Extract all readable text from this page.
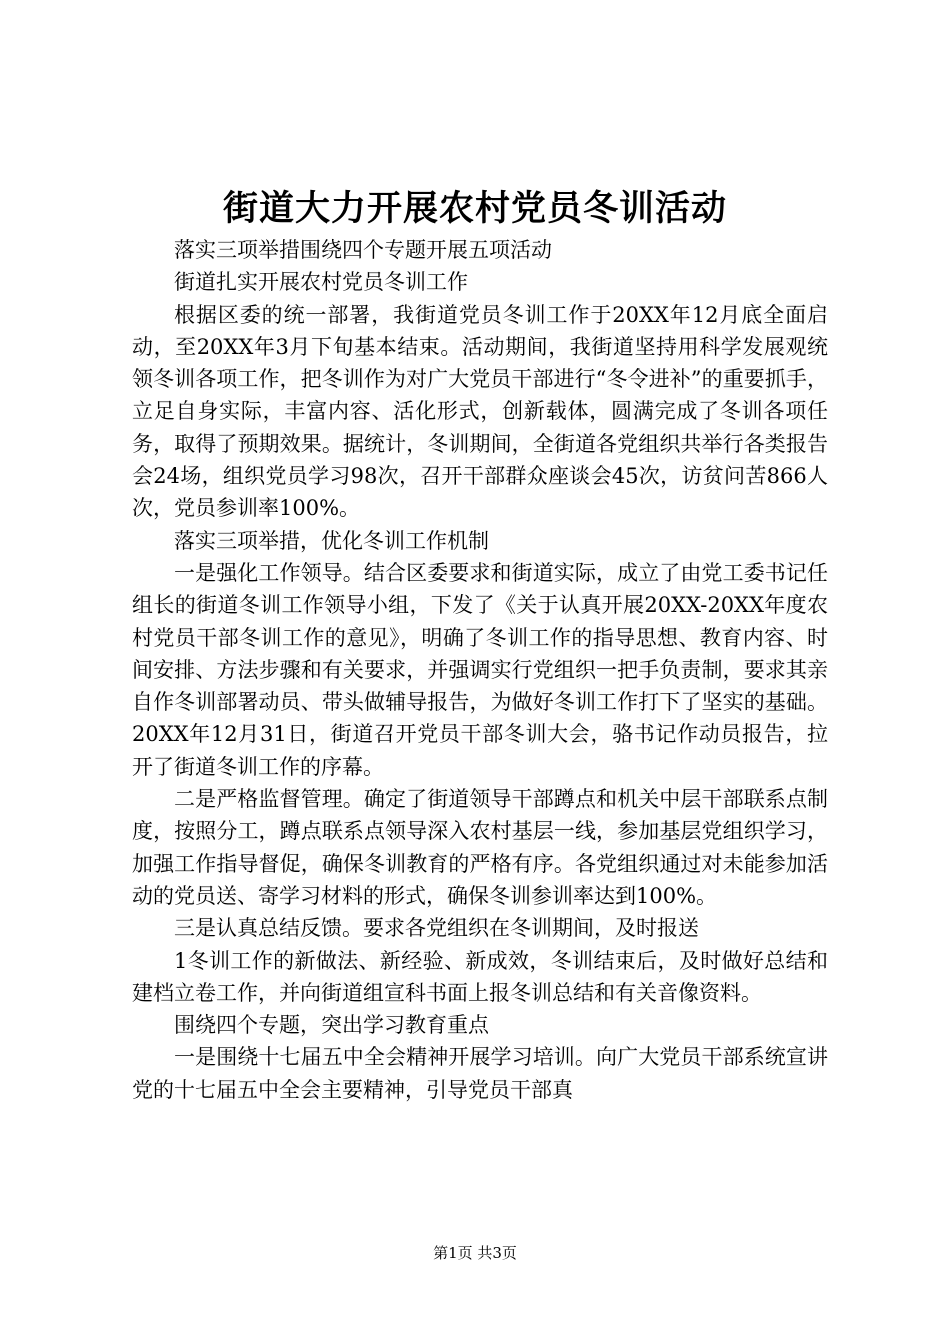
街道大力开展农村党员冬训活动

落实三项举措围绕四个专题开展五项活动

街道扎实开展农村党员冬训工作

根据区委的统一部署，我街道党员冬训工作于20XX年12月底全面启动，至20XX年3月下旬基本结束。活动期间，我街道坚持用科学发展观统领冬训各项工作，把冬训作为对广大党员干部进行“冬令进补”的重要抓手，立足自身实际，丰富内容、活化形式，创新载体，圆满完成了冬训各项任务，取得了预期效果。据统计，冬训期间，全街道各党组织共举行各类报告会24场，组织党员学习98次，召开干部群众座谈会45次，访贫问苦866人次，党员参训率100%。

落实三项举措，优化冬训工作机制

一是强化工作领导。结合区委要求和街道实际，成立了由党工委书记任组长的街道冬训工作领导小组，下发了《关于认真开展20XX-20XX年度农村党员干部冬训工作的意见》，明确了冬训工作的指导思想、教育内容、时间安排、方法步骤和有关要求，并强调实行党组织一把手负责制，要求其亲自作冬训部署动员、带头做辅导报告，为做好冬训工作打下了坚实的基础。20XX年12月31日，街道召开党员干部冬训大会，骆书记作动员报告，拉开了街道冬训工作的序幕。

二是严格监督管理。确定了街道领导干部蹲点和机关中层干部联系点制度，按照分工，蹲点联系点领导深入农村基层一线，参加基层党组织学习，加强工作指导督促，确保冬训教育的严格有序。各党组织通过对未能参加活动的党员送、寄学习材料的形式，确保冬训参训率达到100%。

三是认真总结反馈。要求各党组织在冬训期间，及时报送

1冬训工作的新做法、新经验、新成效，冬训结束后，及时做好总结和建档立卷工作，并向街道组宣科书面上报冬训总结和有关音像资料。

围绕四个专题，突出学习教育重点

一是围绕十七届五中全会精神开展学习培训。向广大党员干部系统宣讲党的十七届五中全会主要精神，引导党员干部真

第1页 共3页
